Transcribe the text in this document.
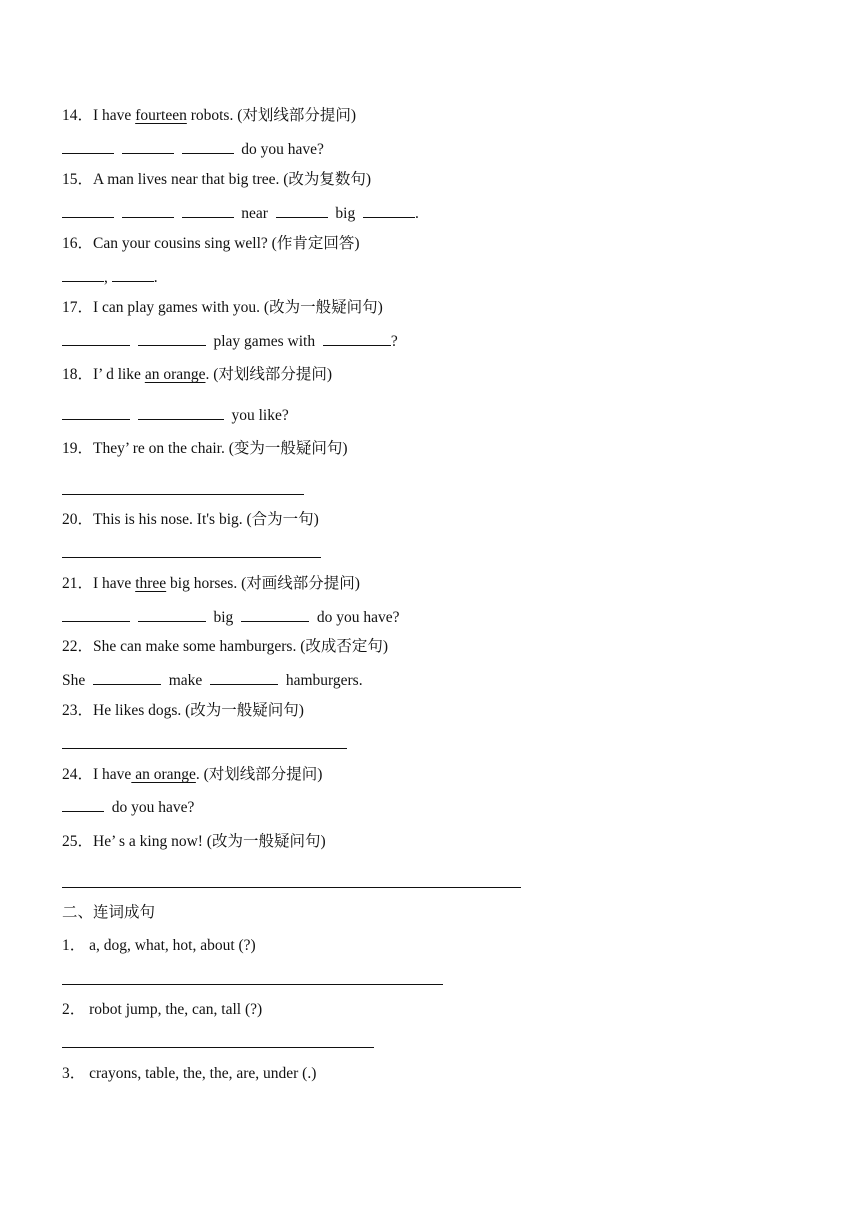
14．I have fourteen robots. (对划线部分提问)
do you have?
15．A man lives near that big tree. (改为复数句)
near	big	.
16．Can your cousins sing well? (作肯定回答)
,	.
17．I can play games with you. (改为一般疑问句)
play games with	?
18．I’ d like an orange. (对划线部分提问)
you like?
19．They’ re on the chair. (变为一般疑问句)
20．This is his nose. It's big. (合为一句)
21．I have three big horses. (对画线部分提问)
big	do you have?
22．She can make some hamburgers. (改成否定句)
She	make	hamburgers.
23．He likes dogs. (改为一般疑问句)
24．I have an orange. (对划线部分提问)
do you have?
25．He’ s a king now! (改为一般疑问句)
二、连词成句
1． a, dog, what, hot, about (?)
2． robot jump, the, can, tall (?)
3． crayons, table, the, the, are, under (.)
